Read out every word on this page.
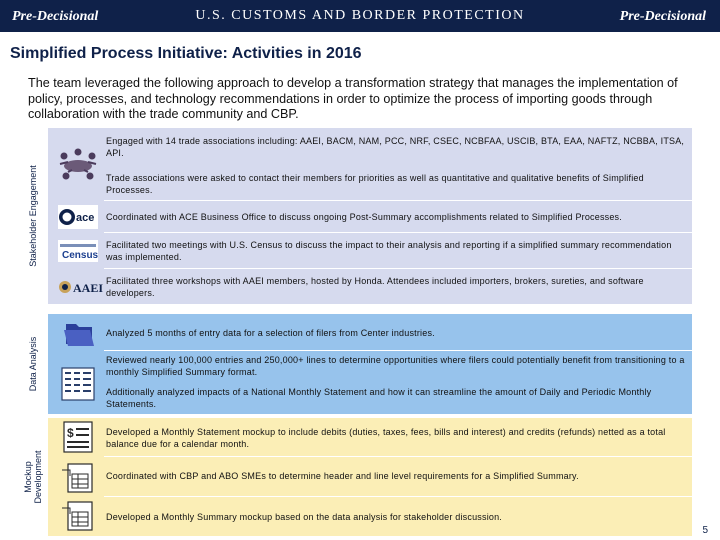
Pre-Decisional	U.S. CUSTOMS AND BORDER PROTECTION	Pre-Decisional
Simplified Process Initiative: Activities in 2016
The team leveraged the following approach to develop a transformation strategy that manages the implementation of policy, processes, and technology recommendations in order to optimize the process of importing goods through collaboration with the trade community and CBP.
Stakeholder Engagement
Data Analysis
Mockup Development
Engaged with 14 trade associations including: AAEI, BACM, NAM, PCC, NRF, CSEC, NCBFAA, USCIB, BTA, EAA, NAFTZ, NCBBA, ITSA, API.
Trade associations were asked to contact their members for priorities as well as quantitative and qualitative benefits of Simplified Processes.
ace Coordinated with ACE Business Office to discuss ongoing Post-Summary accomplishments related to Simplified Processes.
Census
Facilitated two meetings with U.S. Census to discuss the impact to their analysis and reporting if a simplified summary recommendation was implemented.
AAEI Facilitated three workshops with AAEI members, hosted by Honda. Attendees included importers, brokers, sureties, and software developers.
Analyzed 5 months of entry data for a selection of filers from Center industries.
Reviewed nearly 100,000 entries and 250,000+ lines to determine opportunities where filers could potentially benefit from transitioning to a monthly Simplified Summary format.
Additionally analyzed impacts of a National Monthly Statement and how it can streamline the amount of Daily and Periodic Monthly Statements.
$	Developed a Monthly Statement mockup to include debits (duties, taxes, fees, bills and interest) and credits (refunds) netted as a total balance due for a calendar month.
Coordinated with CBP and ABO SMEs to determine header and line level requirements for a Simplified Summary.
Developed a Monthly Summary mockup based on the data analysis for stakeholder discussion.
5
